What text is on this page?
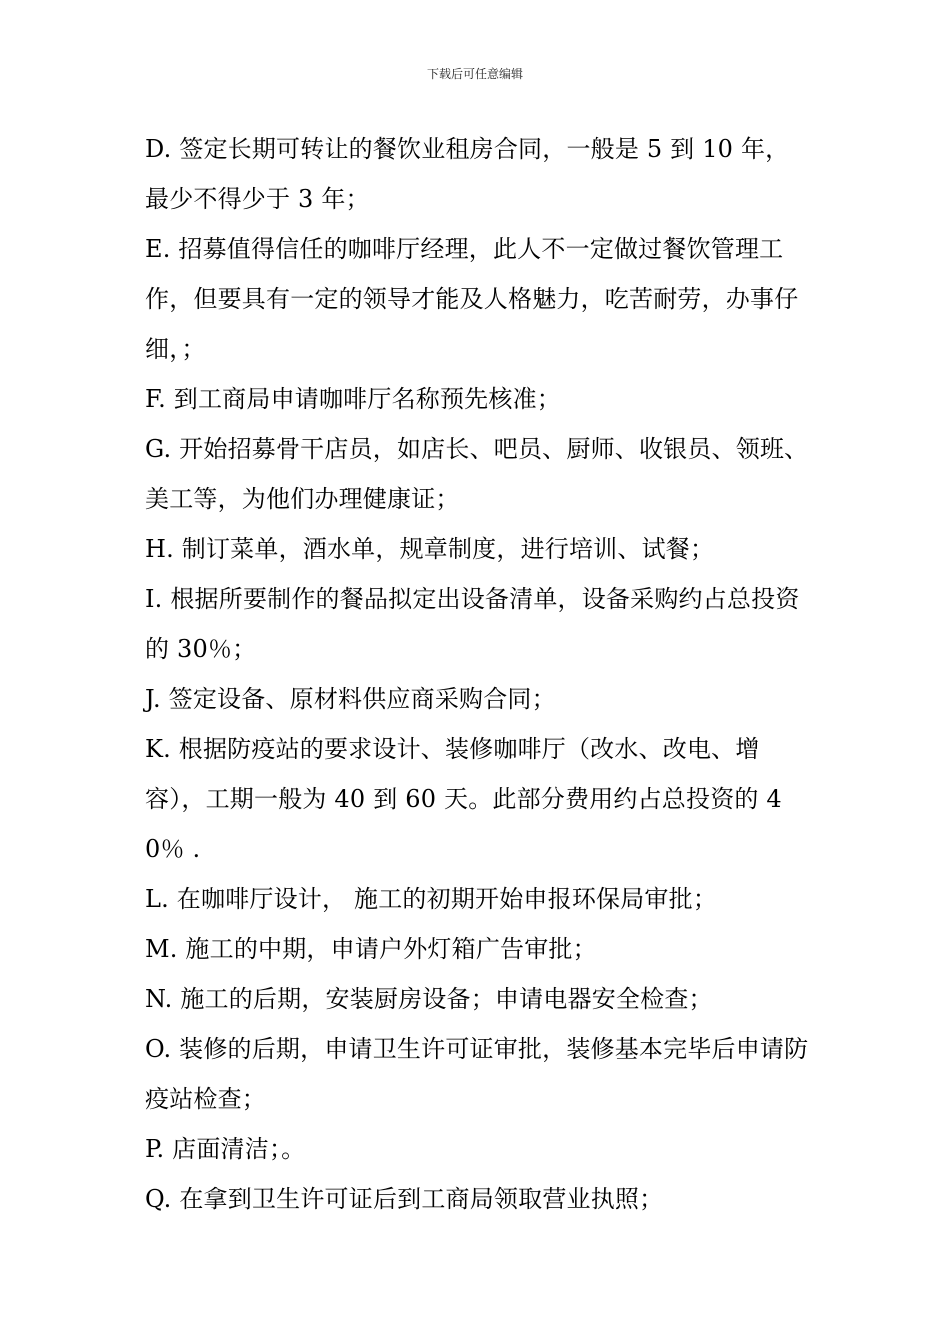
下载后可任意编辑

D. 签定长期可转让的餐饮业租房合同，一般是 5 到 10 年，最少不得少于 3 年；

E. 招募值得信任的咖啡厅经理，此人不一定做过餐饮管理工作，但要具有一定的领导才能及人格魅力，吃苦耐劳，办事仔细，；

F. 到工商局申请咖啡厅名称预先核准；

G. 开始招募骨干店员，如店长、吧员、厨师、收银员、领班、美工等，为他们办理健康证；

H. 制订菜单，酒水单，规章制度，进行培训、试餐；

I. 根据所要制作的餐品拟定出设备清单，设备采购约占总投资的 30％；

J. 签定设备、原材料供应商采购合同；

K. 根据防疫站的要求设计、装修咖啡厅（改水、改电、增容），工期一般为 40 到 60 天。此部分费用约占总投资的 40％ .

L. 在咖啡厅设计， 施工的初期开始申报环保局审批；

M. 施工的中期，申请户外灯箱广告审批；

N. 施工的后期，安装厨房设备；申请电器安全检查；

O. 装修的后期，申请卫生许可证审批，装修基本完毕后申请防疫站检查；

P. 店面清洁；。

Q. 在拿到卫生许可证后到工商局领取营业执照；
